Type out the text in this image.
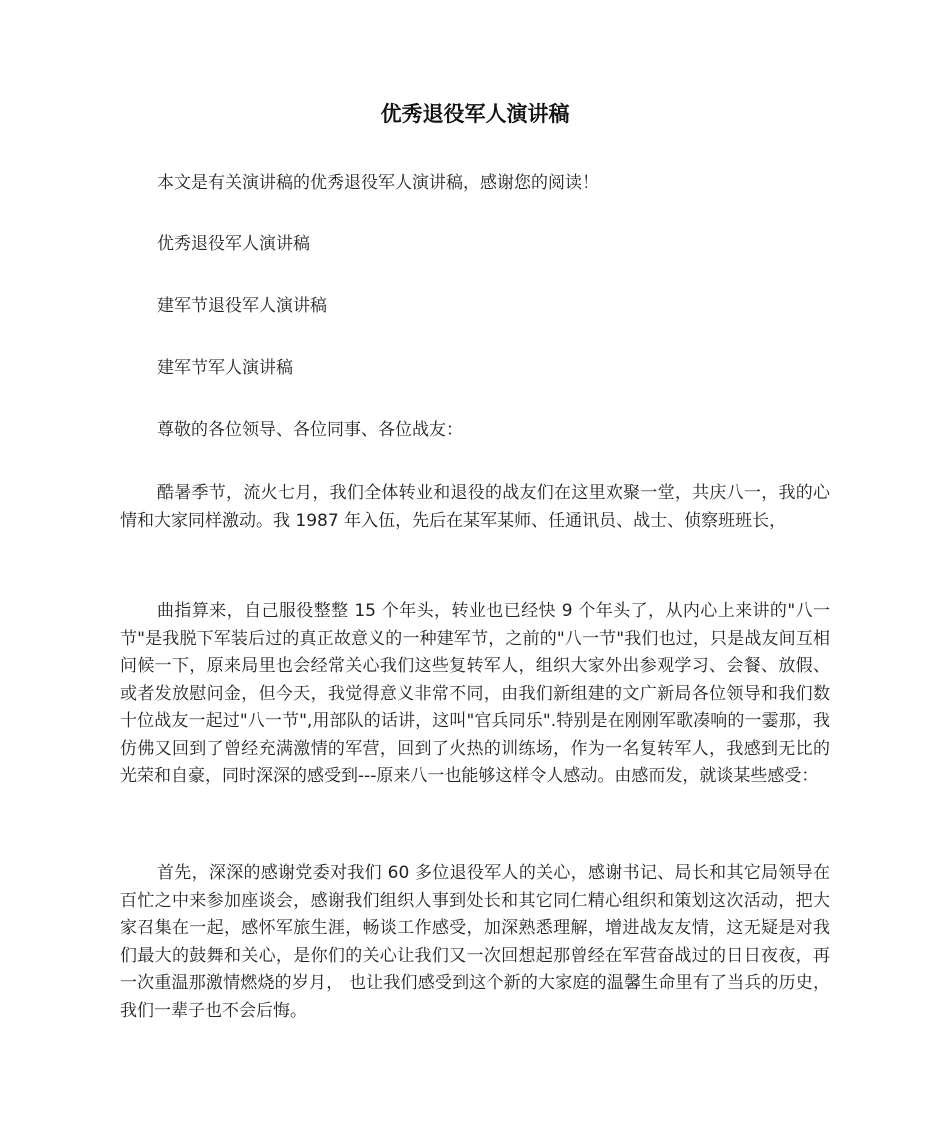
优秀退役军人演讲稿

本文是有关演讲稿的优秀退役军人演讲稿，感谢您的阅读！

优秀退役军人演讲稿

建军节退役军人演讲稿

建军节军人演讲稿

尊敬的各位领导、各位同事、各位战友：

酷暑季节，流火七月，我们全体转业和退役的战友们在这里欢聚一堂，共庆八一，我的心情和大家同样激动。我 1987 年入伍，先后在某军某师、任通讯员、战士、侦察班班长，

曲指算来，自己服役整整 15 个年头，转业也已经快 9 个年头了，从内心上来讲的"八一节"是我脱下军装后过的真正故意义的一种建军节，之前的"八一节"我们也过，只是战友间互相问候一下，原来局里也会经常关心我们这些复转军人，组织大家外出参观学习、会餐、放假、或者发放慰问金，但今天，我觉得意义非常不同，由我们新组建的文广新局各位领导和我们数十位战友一起过"八一节",用部队的话讲，这叫"官兵同乐".特别是在刚刚军歌凑响的一霎那，我仿佛又回到了曾经充满激情的军营，回到了火热的训练场，作为一名复转军人，我感到无比的光荣和自豪，同时深深的感受到---原来八一也能够这样令人感动。由感而发，就谈某些感受：

首先，深深的感谢党委对我们 60 多位退役军人的关心，感谢书记、局长和其它局领导在百忙之中来参加座谈会，感谢我们组织人事到处长和其它同仁精心组织和策划这次活动，把大家召集在一起，感怀军旅生涯，畅谈工作感受，加深熟悉理解，增进战友友情，这无疑是对我们最大的鼓舞和关心，是你们的关心让我们又一次回想起那曾经在军营奋战过的日日夜夜，再一次重温那激情燃烧的岁月， 也让我们感受到这个新的大家庭的温馨生命里有了当兵的历史，我们一辈子也不会后悔。
